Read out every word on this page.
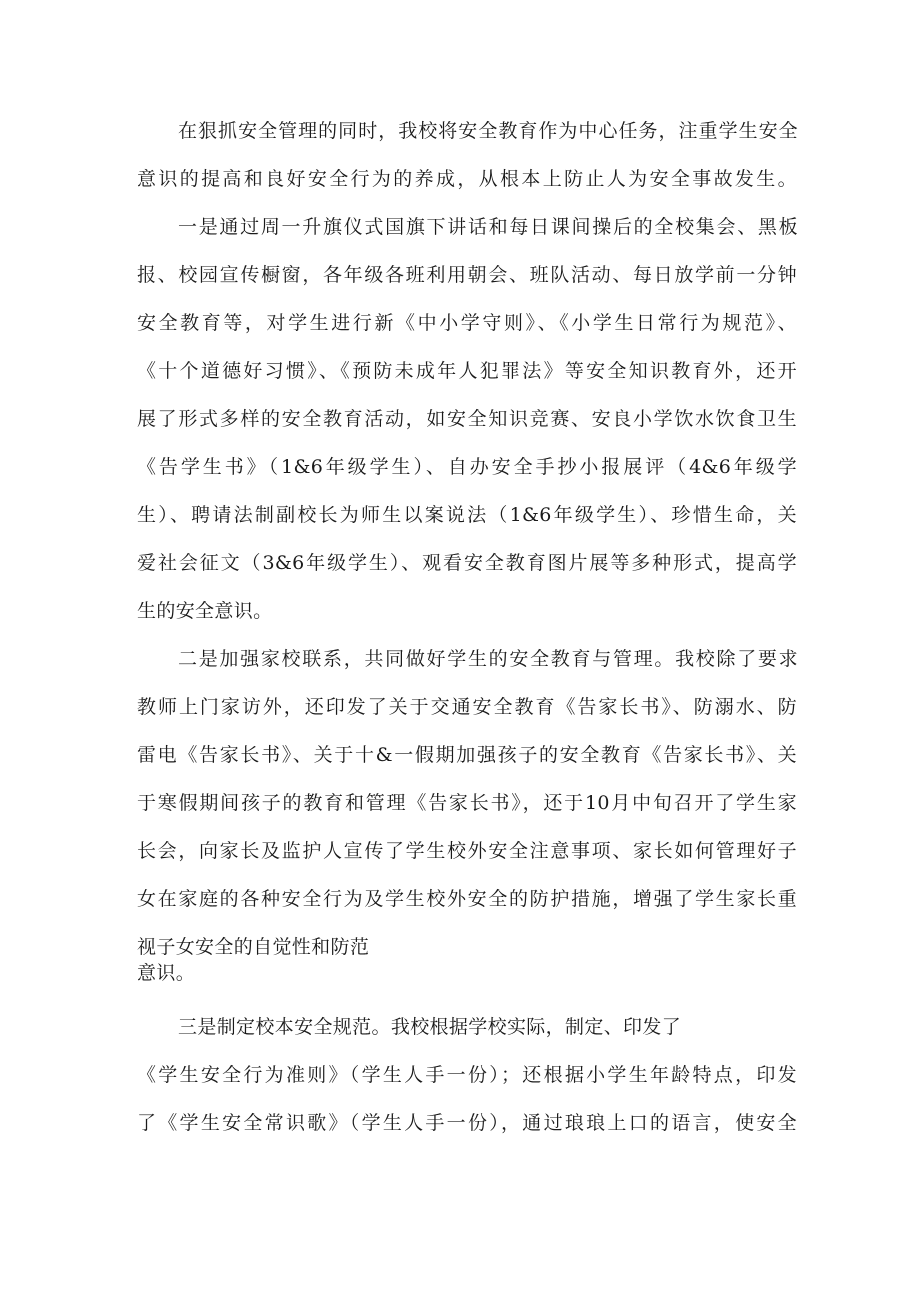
在狠抓安全管理的同时，我校将安全教育作为中心任务，注重学生安全
意识的提高和良好安全行为的养成，从根本上防止人为安全事故发生。
一是通过周一升旗仪式国旗下讲话和每日课间操后的全校集会、黑板
报、校园宣传橱窗，各年级各班利用朝会、班队活动、每日放学前一分钟
安全教育等，对学生进行新《中小学守则》、《小学生日常行为规范》、
《十个道德好习惯》、《预防未成年人犯罪法》等安全知识教育外，还开
展了形式多样的安全教育活动，如安全知识竞赛、安良小学饮水饮食卫生
《告学生书》（1&6年级学生）、自办安全手抄小报展评（4&6年级学
生）、聘请法制副校长为师生以案说法（1&6年级学生）、珍惜生命，关
爱社会征文（3&6年级学生）、观看安全教育图片展等多种形式，提高学
生的安全意识。
二是加强家校联系，共同做好学生的安全教育与管理。我校除了要求
教师上门家访外，还印发了关于交通安全教育《告家长书》、防溺水、防
雷电《告家长书》、关于十&一假期加强孩子的安全教育《告家长书》、关
于寒假期间孩子的教育和管理《告家长书》，还于10月中旬召开了学生家
长会，向家长及监护人宣传了学生校外安全注意事项、家长如何管理好子
女在家庭的各种安全行为及学生校外安全的防护措施，增强了学生家长重
视子女安全的自觉性和防范
意识。
三是制定校本安全规范。我校根据学校实际，制定、印发了
《学生安全行为准则》（学生人手一份）；还根据小学生年龄特点，印发
了《学生安全常识歌》（学生人手一份），通过琅琅上口的语言，使安全
